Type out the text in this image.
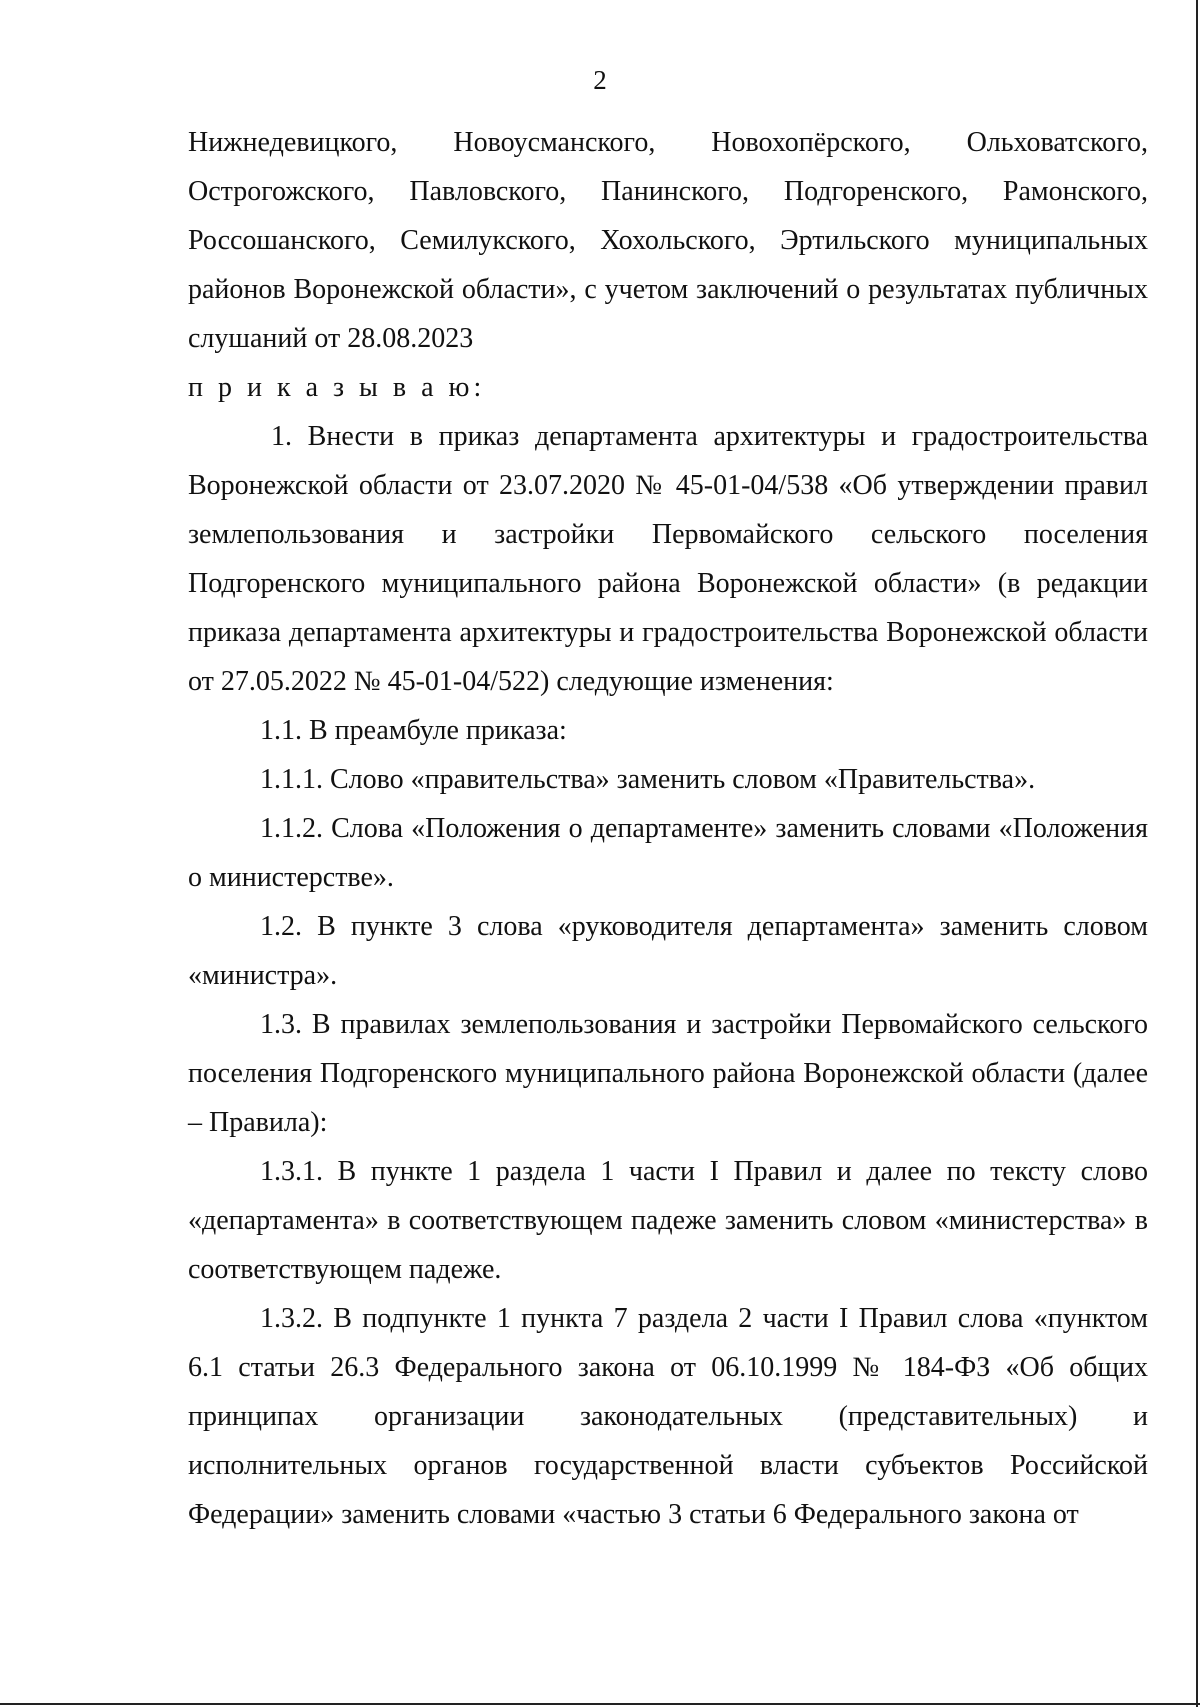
2

Нижнедевицкого, Новоусманского, Новохопёрского, Ольховатского, Острогожского, Павловского, Панинского, Подгоренского, Рамонского, Россошанского, Семилукского, Хохольского, Эртильского муниципальных районов Воронежской области», с учетом заключений о результатах публичных слушаний от 28.08.2023

п р и к а з ы в а ю:

1. Внести в приказ департамента архитектуры и градостроительства Воронежской области от 23.07.2020 № 45-01-04/538 «Об утверждении правил землепользования и застройки Первомайского сельского поселения Подгоренского муниципального района Воронежской области» (в редакции приказа департамента архитектуры и градостроительства Воронежской области от 27.05.2022 № 45-01-04/522) следующие изменения:

1.1. В преамбуле приказа:

1.1.1. Слово «правительства» заменить словом «Правительства».

1.1.2. Слова «Положения о департаменте» заменить словами «Положения о министерстве».

1.2. В пункте 3 слова «руководителя департамента» заменить словом «министра».

1.3. В правилах землепользования и застройки Первомайского сельского поселения Подгоренского муниципального района Воронежской области (далее – Правила):

1.3.1. В пункте 1 раздела 1 части I Правил и далее по тексту слово «департамента» в соответствующем падеже заменить словом «министерства» в соответствующем падеже.

1.3.2. В подпункте 1 пункта 7 раздела 2 части I Правил слова «пунктом 6.1 статьи 26.3 Федерального закона от 06.10.1999 № 184-ФЗ «Об общих принципах организации законодательных (представительных) и исполнительных органов государственной власти субъектов Российской Федерации» заменить словами «частью 3 статьи 6 Федерального закона от
